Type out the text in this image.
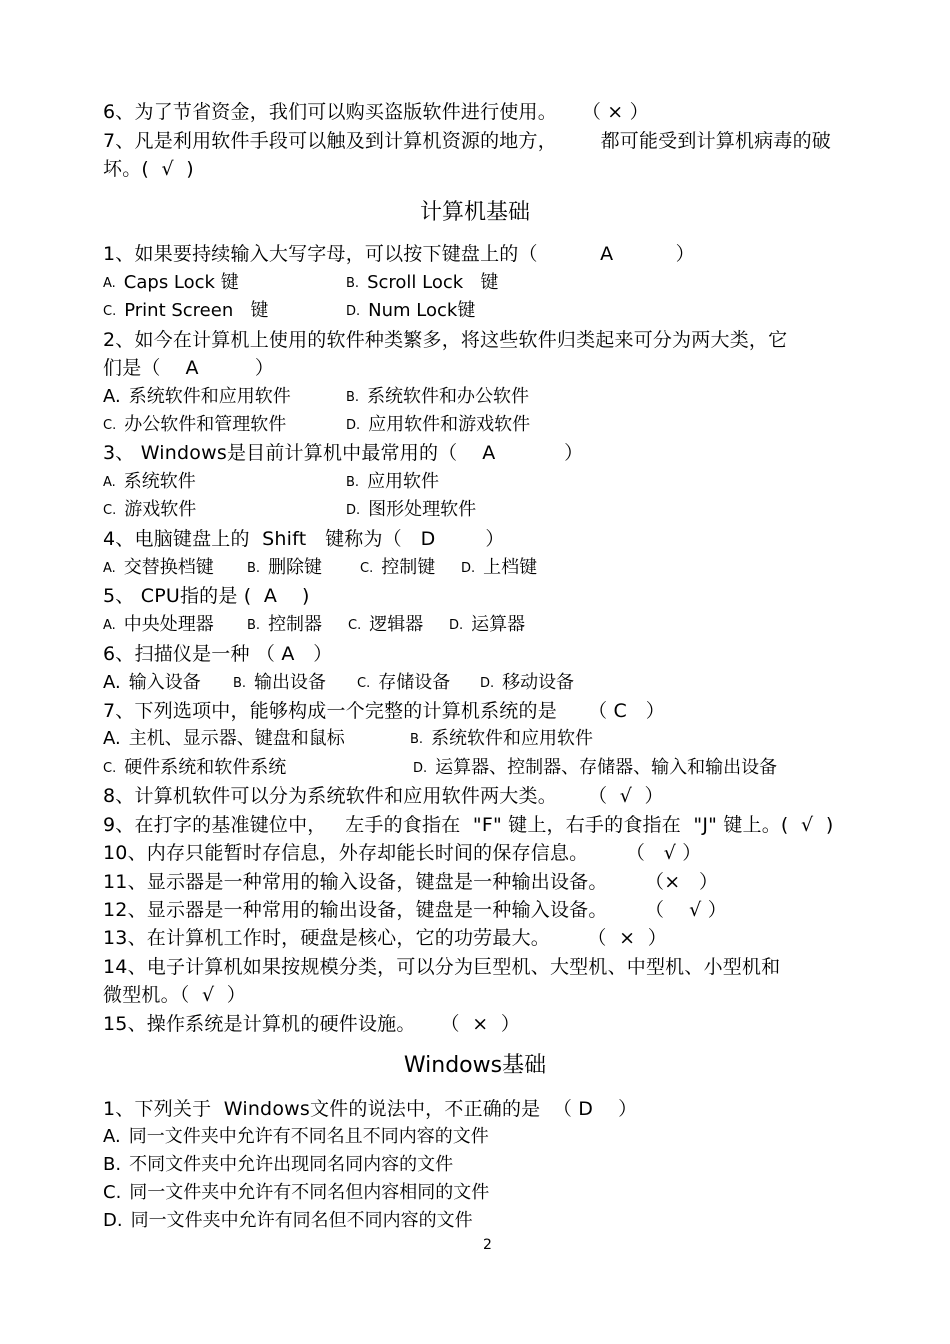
6、为了节省资金，我们可以购买盗版软件进行使用。    （ × ）
7、凡是利用软件手段可以触及到计算机资源的地方，       都可能受到计算机病毒的破
坏。(  √  )
计算机基础
1、如果要持续输入大写字母，可以按下键盘上的（          A          ）
A. Caps Lock 键	B. Scroll Lock   键
C. Print Screen   键	D. Num Lock键
2、如今在计算机上使用的软件种类繁多，将这些软件归类起来可分为两大类，它
们是（    A         ）
A. 系统软件和应用软件	B. 系统软件和办公软件
C. 办公软件和管理软件	D. 应用软件和游戏软件
3、 Windows是目前计算机中最常用的（    A           ）
A. 系统软件	B. 应用软件
C. 游戏软件	D. 图形处理软件
4、电脑键盘上的  Shift   键称为（   D        ）
A. 交替换档键	B. 删除键	C. 控制键 D. 上档键
5、 CPU指的是 (  A    )
A. 中央处理器	B. 控制器 C. 逻辑器 D. 运算器
6、扫描仪是一种 （ A   ）
A. 输入设备 B. 输出设备 C. 存储设备 D. 移动设备
7、下列选项中，能够构成一个完整的计算机系统的是     （ C   ）
A. 主机、显示器、键盘和鼠标	B. 系统软件和应用软件
C. 硬件系统和软件系统	D. 运算器、控制器、存储器、输入和输出设备
8、计算机软件可以分为系统软件和应用软件两大类。     （  √  ）
9、在打字的基准键位中，   左手的食指在  "F" 键上，右手的食指在  "J" 键上。(  √  )
10、内存只能暂时存信息，外存却能长时间的保存信息。      （   √ ）
11、显示器是一种常用的输入设备，键盘是一种输出设备。      （×   ）
12、显示器是一种常用的输出设备，键盘是一种输入设备。      （    √ ）
13、在计算机工作时，硬盘是核心，它的功劳最大。      （  ×  ）
14、电子计算机如果按规模分类，可以分为巨型机、大型机、中型机、小型机和
微型机。（  √  ）
15、操作系统是计算机的硬件设施。    （  ×  ）
Windows基础
1、下列关于  Windows文件的说法中，不正确的是  （ D    ）
A. 同一文件夹中允许有不同名且不同内容的文件
B. 不同文件夹中允许出现同名同内容的文件
C. 同一文件夹中允许有不同名但内容相同的文件
D. 同一文件夹中允许有同名但不同内容的文件
2
